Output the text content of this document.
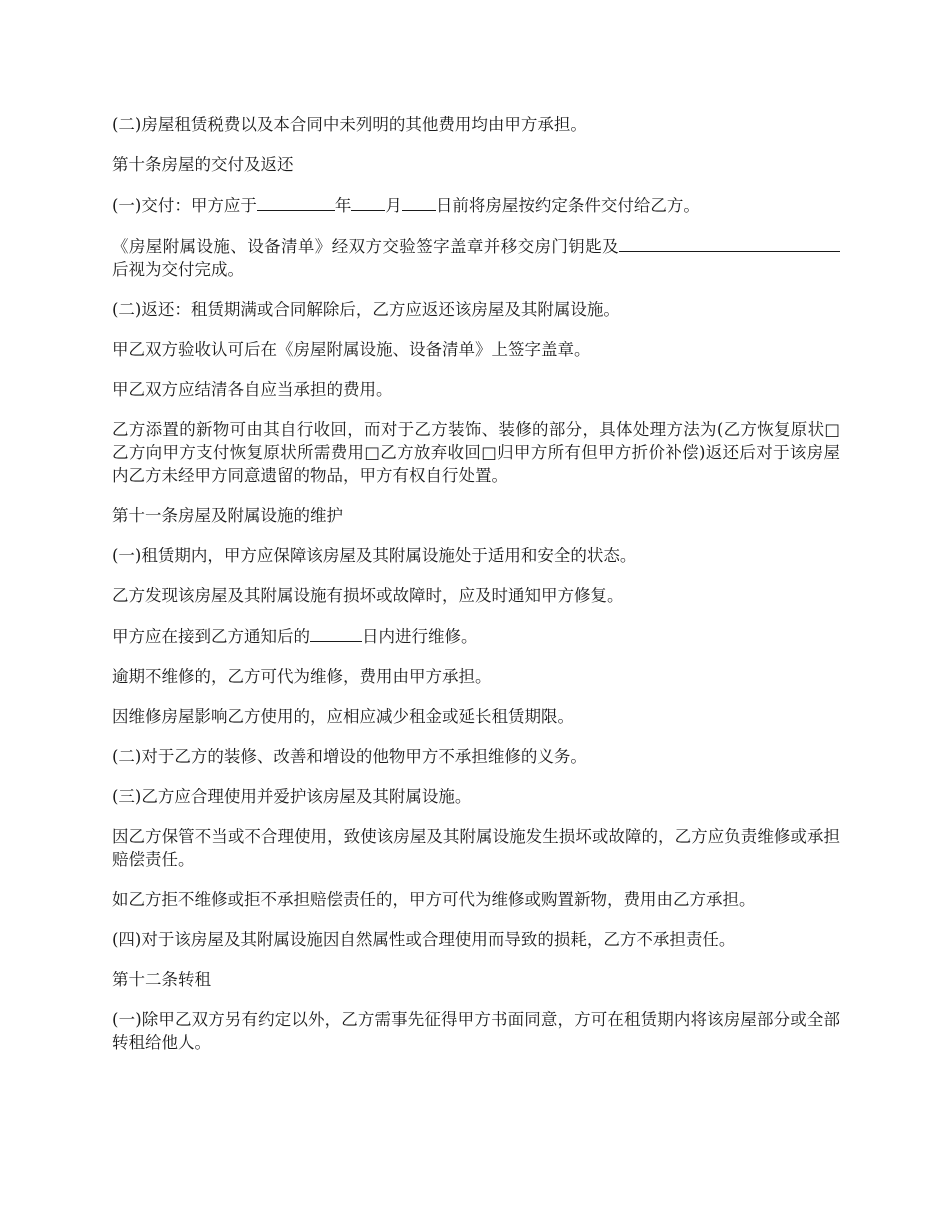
(二)房屋租赁税费以及本合同中未列明的其他费用均由甲方承担。

第十条房屋的交付及返还

(一)交付：甲方应于	年 月 日前将房屋按约定条件交付给乙方。

《房屋附属设施、设备清单》经双方交验签字盖章并移交房门钥匙及后视为交付完成。

(二)返还：租赁期满或合同解除后，乙方应返还该房屋及其附属设施。

甲乙双方验收认可后在《房屋附属设施、设备清单》上签字盖章。

甲乙双方应结清各自应当承担的费用。

乙方添置的新物可由其自行收回，而对于乙方装饰、装修的部分，具体处理方法为(乙方恢复原状□乙方向甲方支付恢复原状所需费用□乙方放弃收回□归甲方所有但甲方折价补偿)返还后对于该房屋内乙方未经甲方同意遗留的物品，甲方有权自行处置。

第十一条房屋及附属设施的维护

(一)租赁期内，甲方应保障该房屋及其附属设施处于适用和安全的状态。

乙方发现该房屋及其附属设施有损坏或故障时，应及时通知甲方修复。

甲方应在接到乙方通知后的	日内进行维修。

逾期不维修的，乙方可代为维修，费用由甲方承担。

因维修房屋影响乙方使用的，应相应减少租金或延长租赁期限。

(二)对于乙方的装修、改善和增设的他物甲方不承担维修的义务。

(三)乙方应合理使用并爱护该房屋及其附属设施。

因乙方保管不当或不合理使用，致使该房屋及其附属设施发生损坏或故障的，乙方应负责维修或承担赔偿责任。

如乙方拒不维修或拒不承担赔偿责任的，甲方可代为维修或购置新物，费用由乙方承担。

(四)对于该房屋及其附属设施因自然属性或合理使用而导致的损耗，乙方不承担责任。

第十二条转租

(一)除甲乙双方另有约定以外，乙方需事先征得甲方书面同意，方可在租赁期内将该房屋部分或全部转租给他人。
